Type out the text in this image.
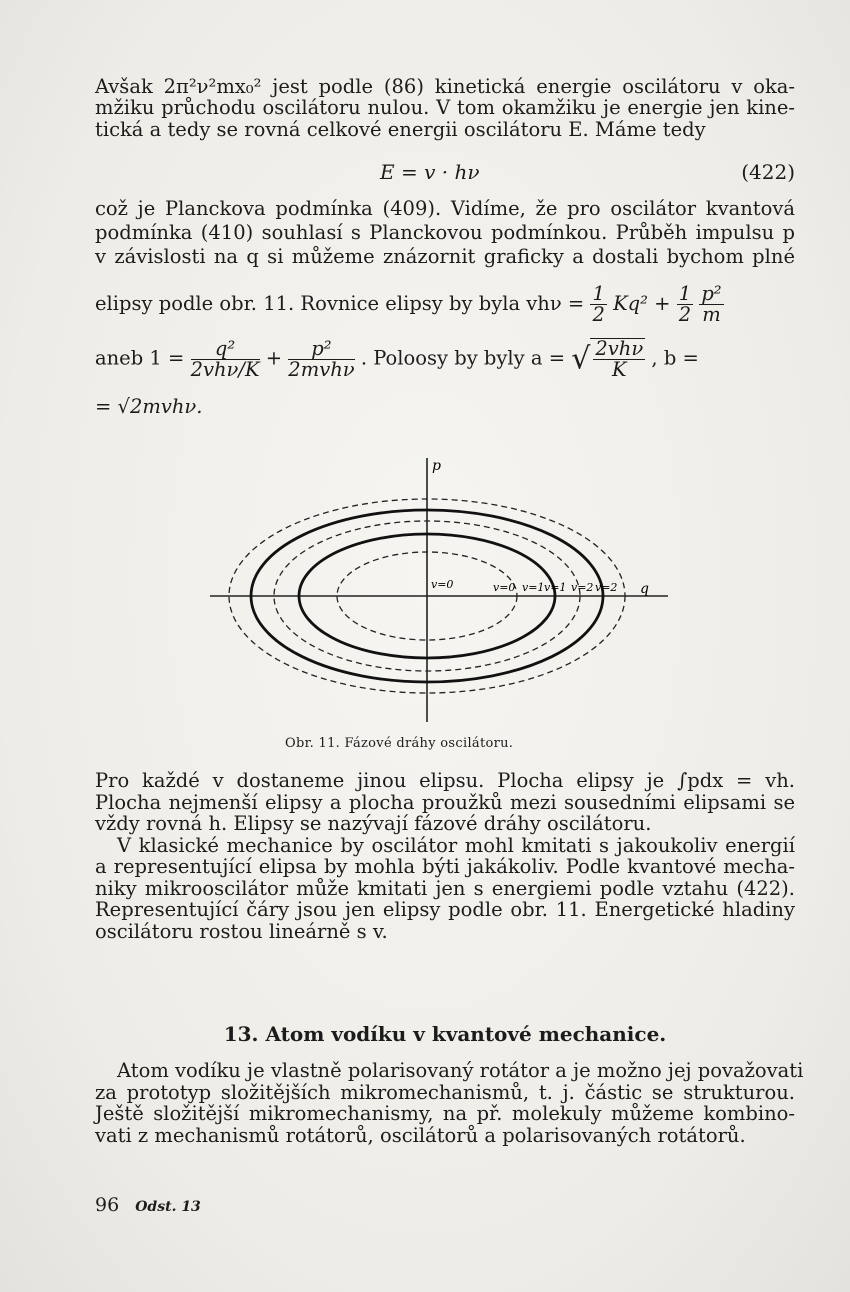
Avšak 2π²ν²mx₀² jest podle (86) kinetická energie oscilátoru v oka-
mžiku průchodu oscilátoru nulou. V tom okamžiku je energie jen kine-
tická a tedy se rovná celkové energii oscilátoru E. Máme tedy
E = v · hν	(422)
což je Planckova podmínka (409). Vidíme, že pro oscilátor kvantová
podmínka (410) souhlasí s Planckovou podmínkou. Průběh impulsu p
v závislosti na q si můžeme znázornit graficky a dostali bychom plné
elipsy podle obr. 11. Rovnice elipsy by byla $vh\nu = \frac{1}{2} Kq^2 + \frac{1}{2}$
$\frac{\text{p²}}{m}$
aneb $1 = \frac{\text{q²}}{\text{2vhν/K}} + \frac{\text{p²}}{\text{2mvhν}}$ . Poloosy by byly a = √ $\frac{\text{2vhν}}{K}$ , b =
= √2mvhν.
p
v=0	v=0 v=1 v=1 v=2 v=2 q
Obr. 11. Fázové dráhy oscilátoru.
Pro každé v dostaneme jinou elipsu. Plocha elipsy je ∫pdx = vh.
Plocha nejmenší elipsy a plocha proužků mezi sousedními elipsami se
vždy rovná h. Elipsy se nazývají fázové dráhy oscilátoru.
V klasické mechanice by oscilátor mohl kmitati s jakoukoliv energií
a representující elipsa by mohla býti jakákoliv. Podle kvantové mecha-
niky mikrooscilátor může kmitati jen s energiemi podle vztahu (422).
Representující čáry jsou jen elipsy podle obr. 11. Energetické hladiny
oscilátoru rostou lineárně s v.
13. Atom vodíku v kvantové mechanice.
Atom vodíku je vlastně polarisovaný rotátor a je možno jej považovati
za prototyp složitějších mikromechanismů, t. j. částic se strukturou.
Ještě složitější mikromechanismy, na př. molekuly můžeme kombino-
vati z mechanismů rotátorů, oscilátorů a polarisovaných rotátorů.
96 Odst. 13
